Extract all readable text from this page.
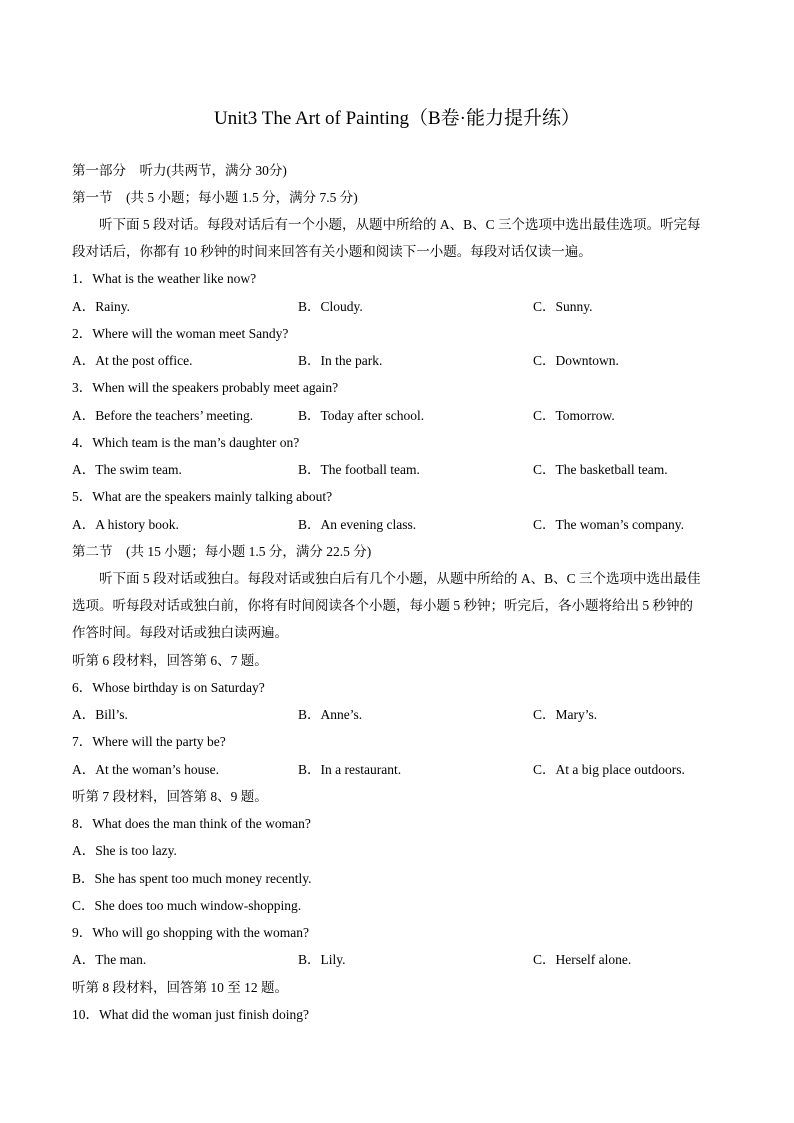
Unit3 The Art of Painting（B卷·能力提升练）
第一部分　听力(共两节，满分 30分)
第一节　(共 5 小题；每小题 1.5 分，满分 7.5 分)
听下面 5 段对话。每段对话后有一个小题，从题中所给的 A、B、C 三个选项中选出最佳选项。听完每
段对话后，你都有 10 秒钟的时间来回答有关小题和阅读下一小题。每段对话仅读一遍。
1．What is the weather like now?
A．Rainy.	B．Cloudy.	C．Sunny.
2．Where will the woman meet Sandy?
A．At the post office.	B．In the park.	C．Downtown.
3．When will the speakers probably meet again?
A．Before the teachers’ meeting.	B．Today after school.	C．Tomorrow.
4．Which team is the man’s daughter on?
A．The swim team.	B．The football team.	C．The basketball team.
5．What are the speakers mainly talking about?
A．A history book.	B．An evening class.	C．The woman’s company.
第二节　(共 15 小题；每小题 1.5 分，满分 22.5 分)
听下面 5 段对话或独白。每段对话或独白后有几个小题，从题中所给的 A、B、C 三个选项中选出最佳
选项。听每段对话或独白前，你将有时间阅读各个小题，每小题 5 秒钟；听完后，各小题将给出 5 秒钟的
作答时间。每段对话或独白读两遍。
听第 6 段材料，回答第 6、7 题。
6．Whose birthday is on Saturday?
A．Bill’s.	B．Anne’s.	C．Mary’s.
7．Where will the party be?
A．At the woman’s house.	B．In a restaurant.	C．At a big place outdoors.
听第 7 段材料，回答第 8、9 题。
8．What does the man think of the woman?
A．She is too lazy.
B．She has spent too much money recently.
C．She does too much window-shopping.
9．Who will go shopping with the woman?
A．The man.	B．Lily.	C．Herself alone.
听第 8 段材料，回答第 10 至 12 题。
10．What did the woman just finish doing?
